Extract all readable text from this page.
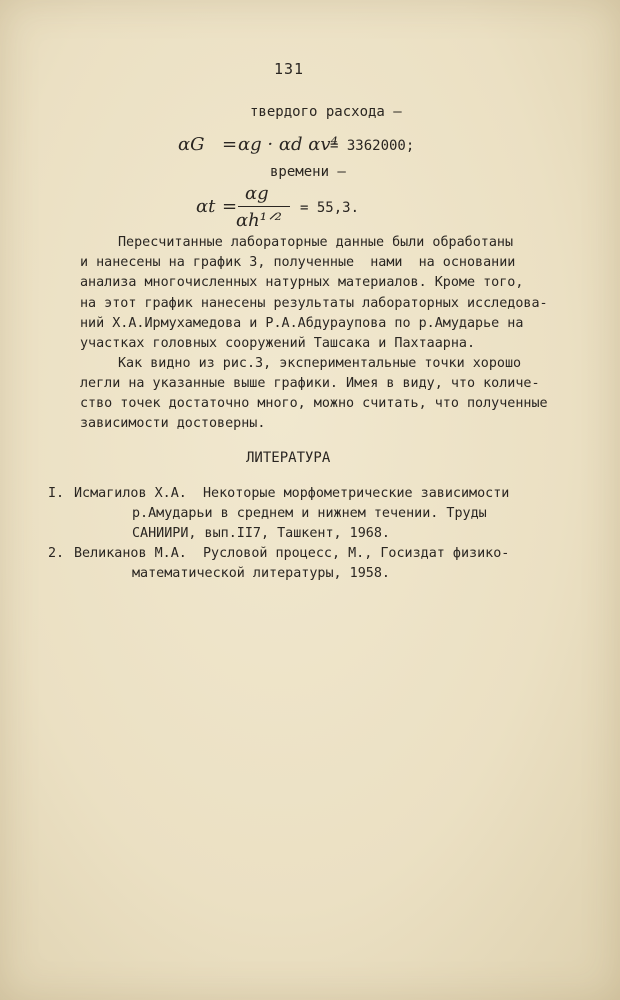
131
твердого расхода –
αG = αg · αd αv⁴
= 3362000;
времени –
αt =
αg
αh¹ᐟ²
= 55,3.
Пересчитанные лабораторные данные были обработаны
и нанесены на график 3, полученные  нами  на основании
анализа многочисленных натурных материалов. Кроме того,
на этот график нанесены результаты лабораторных исследова-
ний Х.А.Ирмухамедова и Р.А.Абдураупова по р.Амударье на
участках головных сооружений Ташсака и Пахтаарна.
Как видно из рис.3, экспериментальные точки хорошо
легли на указанные выше графики. Имея в виду, что количе-
ство точек достаточно много, можно считать, что полученные
зависимости достоверны.
ЛИТЕРАТУРА
I. Исмагилов Х.А.  Некоторые морфометрические зависимости
р.Амударьи в среднем и нижнем течении. Труды
САНИИРИ, вып.II7, Ташкент, 1968.
2. Великанов М.А.  Русловой процесс, М., Госиздат физико-
математической литературы, 1958.
